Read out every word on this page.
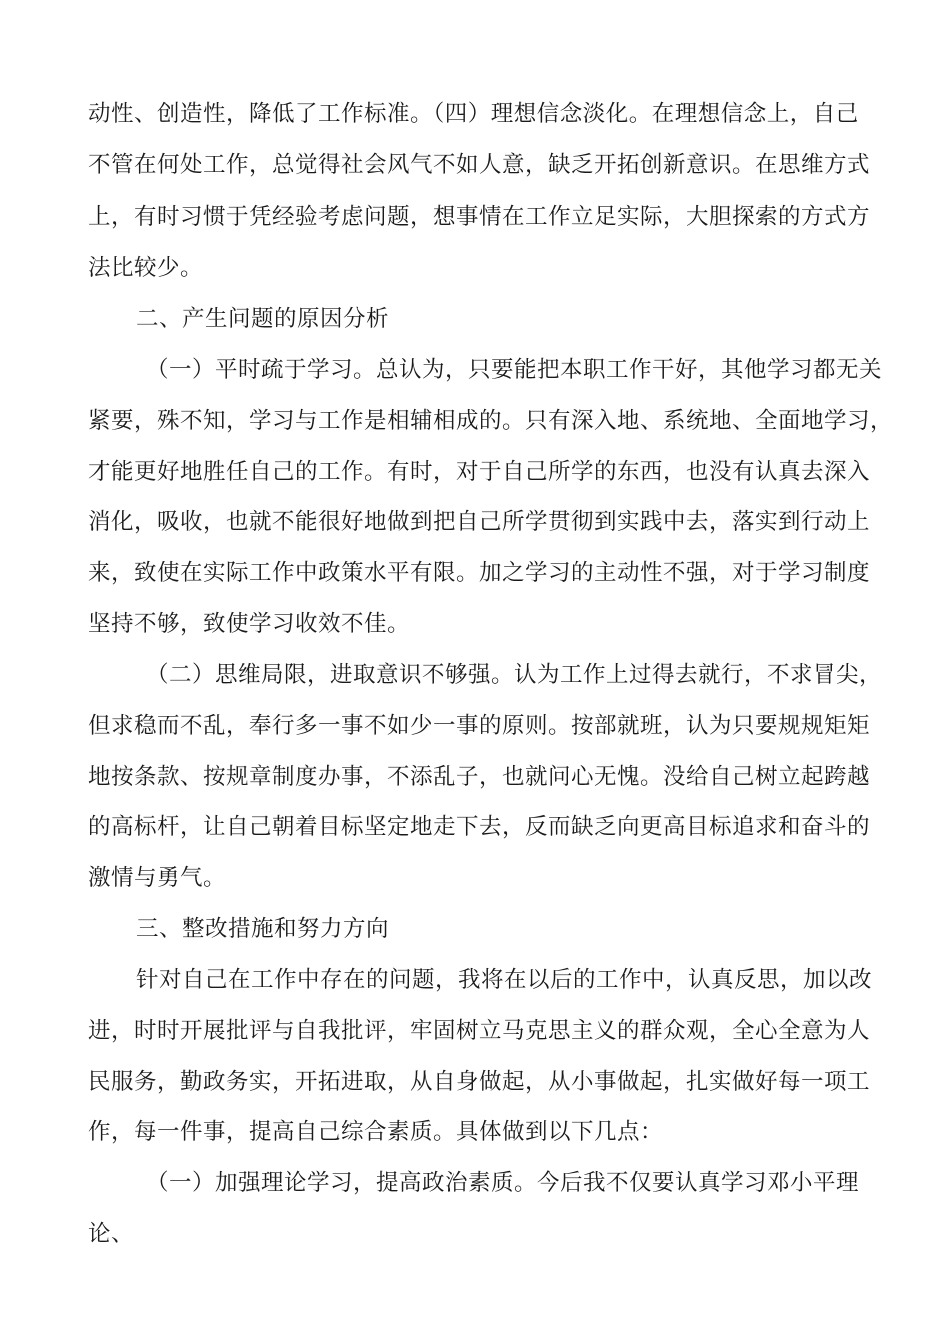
动性、创造性，降低了工作标准。（四）理想信念淡化。在理想信念上，自己
不管在何处工作，总觉得社会风气不如人意，缺乏开拓创新意识。在思维方式
上，有时习惯于凭经验考虑问题，想事情在工作立足实际，大胆探索的方式方
法比较少。
二、产生问题的原因分析
（一）平时疏于学习。总认为，只要能把本职工作干好，其他学习都无关
紧要，殊不知，学习与工作是相辅相成的。只有深入地、系统地、全面地学习，
才能更好地胜任自己的工作。有时，对于自己所学的东西，也没有认真去深入
消化，吸收，也就不能很好地做到把自己所学贯彻到实践中去，落实到行动上
来，致使在实际工作中政策水平有限。加之学习的主动性不强，对于学习制度
坚持不够，致使学习收效不佳。
（二）思维局限，进取意识不够强。认为工作上过得去就行，不求冒尖，
但求稳而不乱，奉行多一事不如少一事的原则。按部就班，认为只要规规矩矩
地按条款、按规章制度办事，不添乱子，也就问心无愧。没给自己树立起跨越
的高标杆，让自己朝着目标坚定地走下去，反而缺乏向更高目标追求和奋斗的
激情与勇气。
三、整改措施和努力方向
针对自己在工作中存在的问题，我将在以后的工作中，认真反思，加以改
进，时时开展批评与自我批评，牢固树立马克思主义的群众观，全心全意为人
民服务，勤政务实，开拓进取，从自身做起，从小事做起，扎实做好每一项工
作，每一件事，提高自己综合素质。具体做到以下几点：
（一）加强理论学习，提高政治素质。今后我不仅要认真学习邓小平理
论、
